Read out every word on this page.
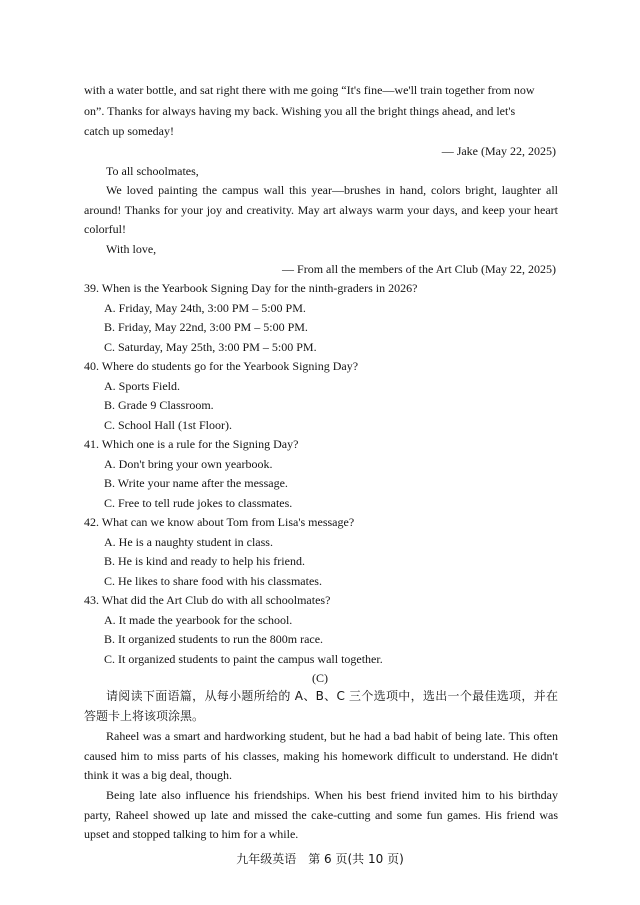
with a water bottle, and sat right there with me going “It's fine—we'll train together from now
on”. Thanks for always having my back. Wishing you all the bright things ahead, and let's
catch up someday!
— Jake (May 22, 2025)
To all schoolmates,

We loved painting the campus wall this year—brushes in hand, colors bright, laughter all around! Thanks for your joy and creativity. May art always warm your days, and keep your heart colorful!

With love,
— From all the members of the Art Club (May 22, 2025)
39. When is the Yearbook Signing Day for the ninth-graders in 2026?
A. Friday, May 24th, 3:00 PM – 5:00 PM.
B. Friday, May 22nd, 3:00 PM – 5:00 PM.
C. Saturday, May 25th, 3:00 PM – 5:00 PM.
40. Where do students go for the Yearbook Signing Day?
A. Sports Field.
B. Grade 9 Classroom.
C. School Hall (1st Floor).
41. Which one is a rule for the Signing Day?
A. Don't bring your own yearbook.
B. Write your name after the message.
C. Free to tell rude jokes to classmates.
42. What can we know about Tom from Lisa's message?
A. He is a naughty student in class.
B. He is kind and ready to help his friend.
C. He likes to share food with his classmates.
43. What did the Art Club do with all schoolmates?
A. It made the yearbook for the school.
B. It organized students to run the 800m race.
C. It organized students to paint the campus wall together.
(C)

请阅读下面语篇，从每小题所给的 A、B、C 三个选项中，选出一个最佳选项，并在答题卡上将该项涂黑。

Raheel was a smart and hardworking student, but he had a bad habit of being late. This often caused him to miss parts of his classes, making his homework difficult to understand. He didn't think it was a big deal, though.

Being late also influence his friendships. When his best friend invited him to his birthday party, Raheel showed up late and missed the cake-cutting and some fun games. His friend was upset and stopped talking to him for a while.

九年级英语　第 6 页(共 10 页)
